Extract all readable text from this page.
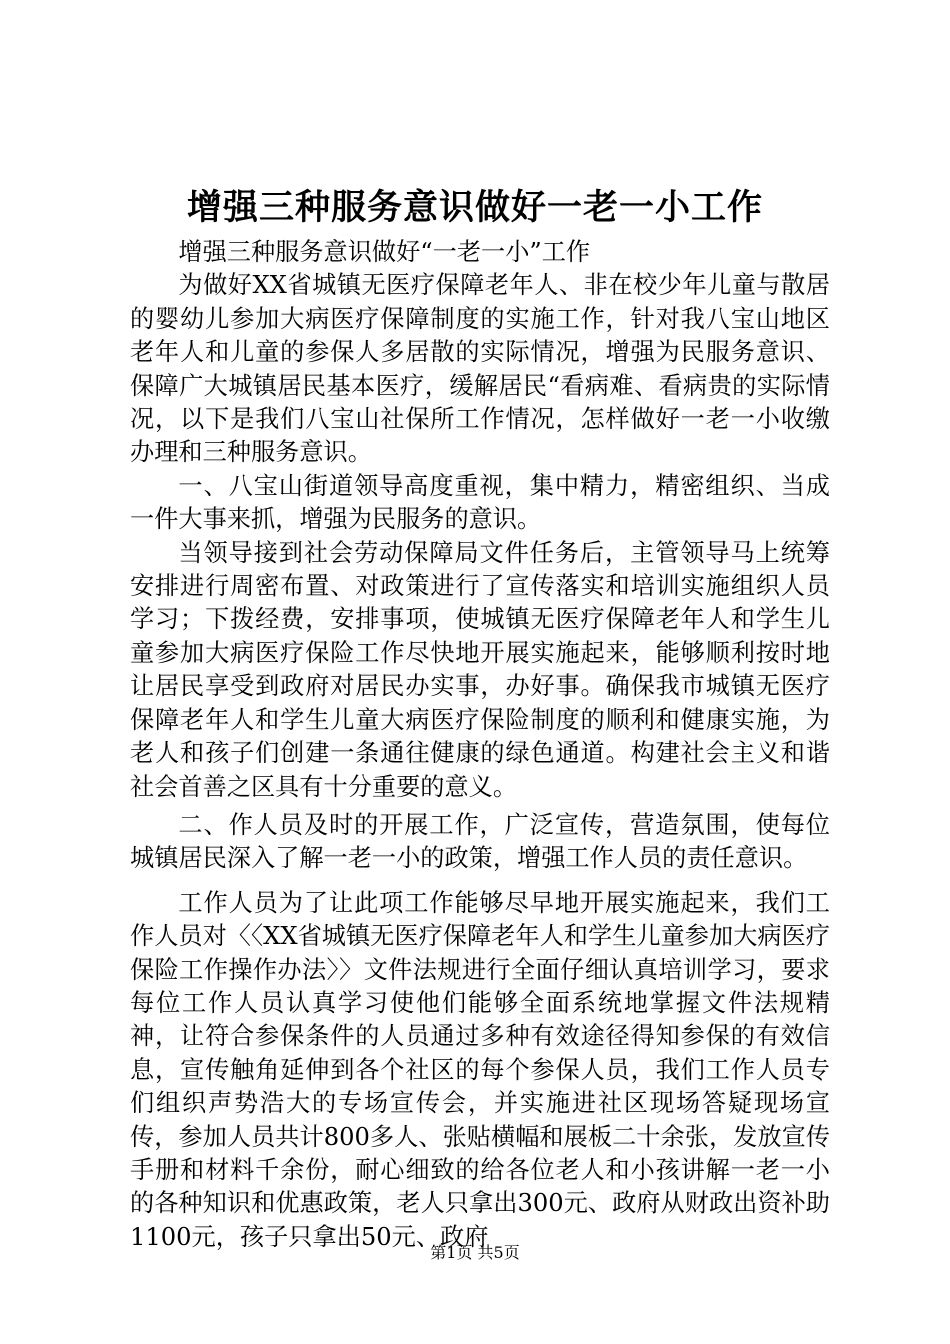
增强三种服务意识做好一老一小工作

增强三种服务意识做好“一老一小”工作

为做好XX省城镇无医疗保障老年人、非在校少年儿童与散居的婴幼儿参加大病医疗保障制度的实施工作，针对我八宝山地区老年人和儿童的参保人多居散的实际情况，增强为民服务意识、保障广大城镇居民基本医疗，缓解居民“看病难、看病贵的实际情况，以下是我们八宝山社保所工作情况，怎样做好一老一小收缴办理和三种服务意识。

一、八宝山街道领导高度重视，集中精力，精密组织、当成一件大事来抓，增强为民服务的意识。

当领导接到社会劳动保障局文件任务后，主管领导马上统筹安排进行周密布置、对政策进行了宣传落实和培训实施组织人员学习；下拨经费，安排事项，使城镇无医疗保障老年人和学生儿童参加大病医疗保险工作尽快地开展实施起来，能够顺利按时地让居民享受到政府对居民办实事，办好事。确保我市城镇无医疗保障老年人和学生儿童大病医疗保险制度的顺利和健康实施，为老人和孩子们创建一条通往健康的绿色通道。构建社会主义和谐社会首善之区具有十分重要的意义。

二、作人员及时的开展工作，广泛宣传，营造氛围，使每位城镇居民深入了解一老一小的政策，增强工作人员的责任意识。

工作人员为了让此项工作能够尽早地开展实施起来，我们工作人员对〈〈XX省城镇无医疗保障老年人和学生儿童参加大病医疗保险工作操作办法〉〉文件法规进行全面仔细认真培训学习，要求每位工作人员认真学习使他们能够全面系统地掌握文件法规精神，让符合参保条件的人员通过多种有效途径得知参保的有效信息，宣传触角延伸到各个社区的每个参保人员，我们工作人员专们组织声势浩大的专场宣传会，并实施进社区现场答疑现场宣传，参加人员共计800多人、张贴横幅和展板二十余张，发放宣传手册和材料千余份，耐心细致的给各位老人和小孩讲解一老一小的各种知识和优惠政策，老人只拿出300元、政府从财政出资补助1100元，孩子只拿出50元、政府

第1页 共5页
